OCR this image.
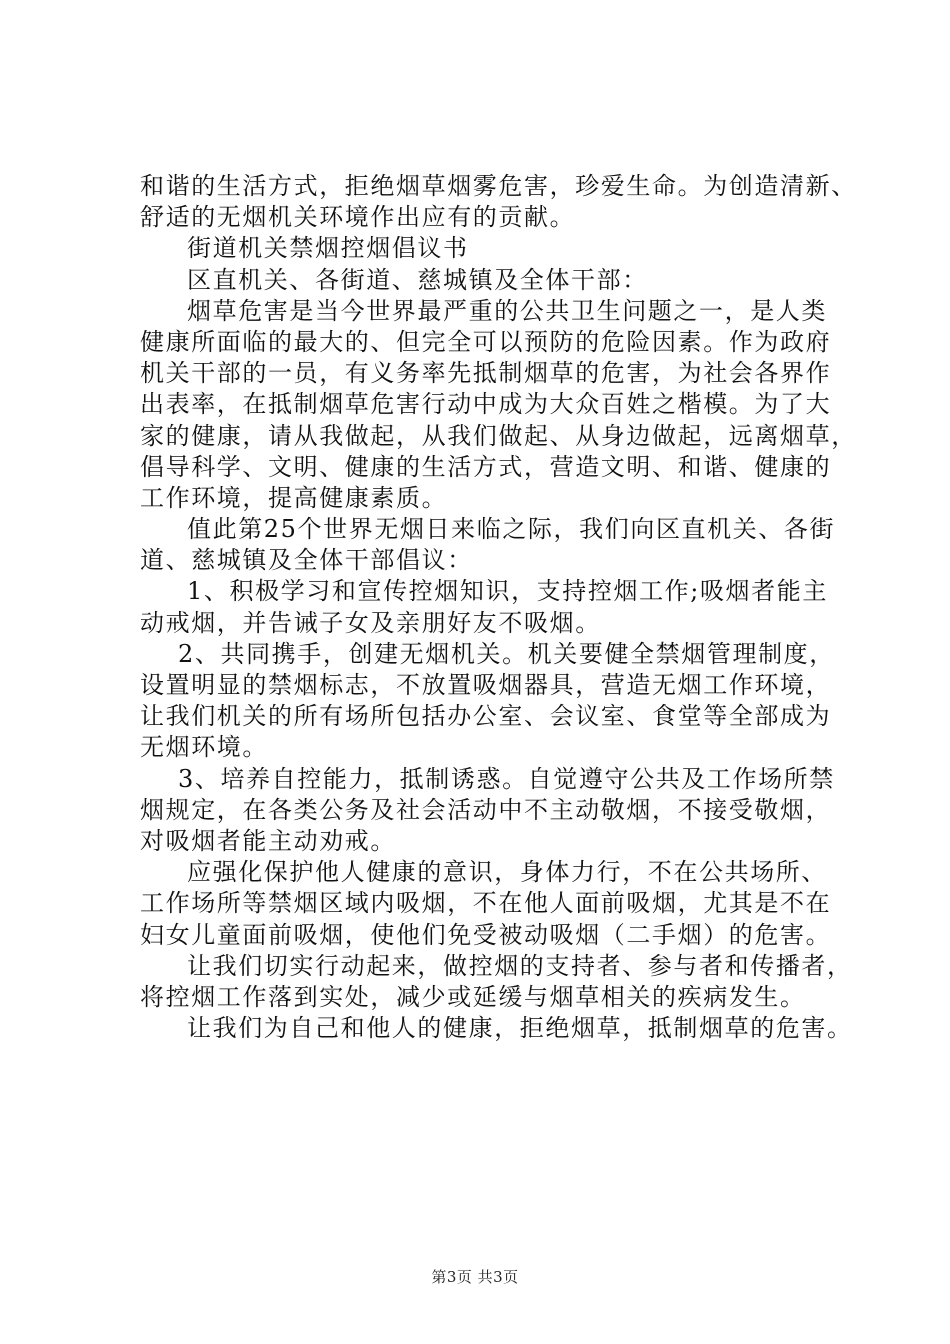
和谐的生活方式，拒绝烟草烟雾危害，珍爱生命。为创造清新、
舒适的无烟机关环境作出应有的贡献。
街道机关禁烟控烟倡议书
区直机关、各街道、慈城镇及全体干部：
烟草危害是当今世界最严重的公共卫生问题之一，是人类
健康所面临的最大的、但完全可以预防的危险因素。作为政府
机关干部的一员，有义务率先抵制烟草的危害，为社会各界作
出表率，在抵制烟草危害行动中成为大众百姓之楷模。为了大
家的健康，请从我做起，从我们做起、从身边做起，远离烟草，
倡导科学、文明、健康的生活方式，营造文明、和谐、健康的
工作环境，提高健康素质。
值此第25个世界无烟日来临之际，我们向区直机关、各街
道、慈城镇及全体干部倡议：
1、积极学习和宣传控烟知识，支持控烟工作;吸烟者能主
动戒烟，并告诫子女及亲朋好友不吸烟。
2、共同携手，创建无烟机关。机关要健全禁烟管理制度，
设置明显的禁烟标志，不放置吸烟器具，营造无烟工作环境，
让我们机关的所有场所包括办公室、会议室、食堂等全部成为
无烟环境。
3、培养自控能力，抵制诱惑。自觉遵守公共及工作场所禁
烟规定，在各类公务及社会活动中不主动敬烟，不接受敬烟，
对吸烟者能主动劝戒。
应强化保护他人健康的意识，身体力行，不在公共场所、
工作场所等禁烟区域内吸烟，不在他人面前吸烟，尤其是不在
妇女儿童面前吸烟，使他们免受被动吸烟（二手烟）的危害。
让我们切实行动起来，做控烟的支持者、参与者和传播者，
将控烟工作落到实处，减少或延缓与烟草相关的疾病发生。
让我们为自己和他人的健康，拒绝烟草，抵制烟草的危害。
第3页 共3页
